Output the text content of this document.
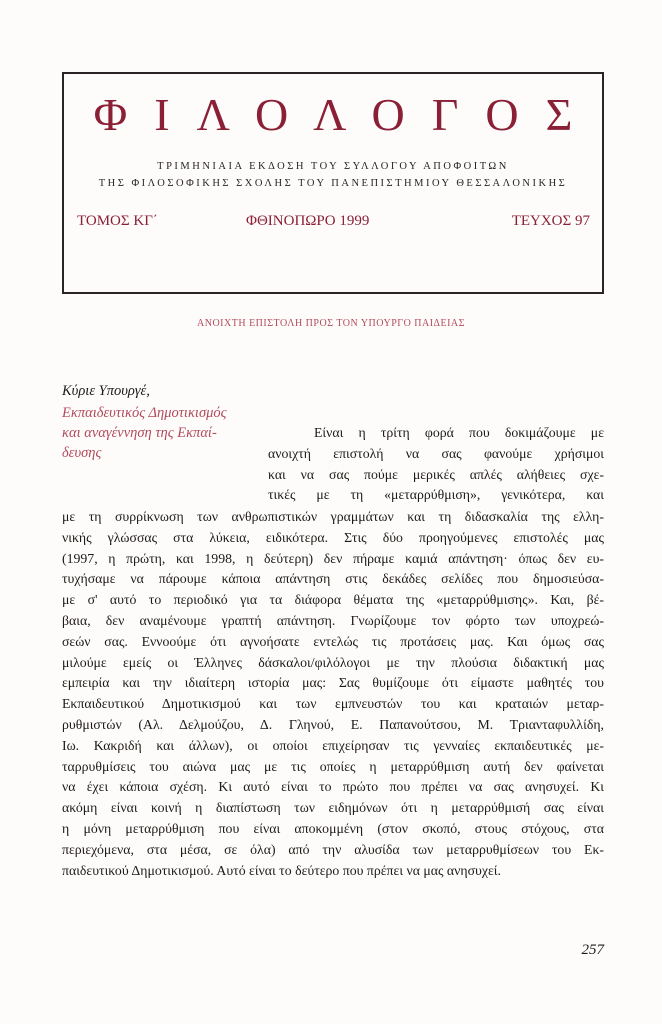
ΦΙΛΟΛΟΓΟΣ
ΤΡΙΜΗΝΙΑΙΑ ΕΚΔΟΣΗ ΤΟΥ ΣΥΛΛΟΓΟΥ ΑΠΟΦΟΙΤΩΝ
ΤΗΣ ΦΙΛΟΣΟΦΙΚΗΣ ΣΧΟΛΗΣ ΤΟΥ ΠΑΝΕΠΙΣΤΗΜΙΟΥ ΘΕΣΣΑΛΟΝΙΚΗΣ
ΤΟΜΟΣ ΚΓ΄	ΦΘΙΝΟΠΩΡΟ 1999	ΤΕΥΧΟΣ 97
ΑΝΟΙΧΤΗ ΕΠΙΣΤΟΛΗ ΠΡΟΣ ΤΟΝ ΥΠΟΥΡΓΟ ΠΑΙΔΕΙΑΣ
Κύριε Υπουργέ,
Εκπαιδευτικός Δημοτικισμός
και αναγέννηση της Εκπαί-
δευσης
Είναι η τρίτη φορά που δοκιμάζουμε με
ανοιχτή επιστολή να σας φανούμε χρήσιμοι
και να σας πούμε μερικές απλές αλήθειες σχε-
τικές με τη «μεταρρύθμιση», γενικότερα, και
με τη συρρίκνωση των ανθρωπιστικών γραμμάτων και τη διδασκαλία της ελλη-
νικής γλώσσας στα λύκεια, ειδικότερα. Στις δύο προηγούμενες επιστολές μας
(1997, η πρώτη, και 1998, η δεύτερη) δεν πήραμε καμιά απάντηση· όπως δεν ευ-
τυχήσαμε να πάρουμε κάποια απάντηση στις δεκάδες σελίδες που δημοσιεύσα-
με σ' αυτό το περιοδικό για τα διάφορα θέματα της «μεταρρύθμισης». Και, βέ-
βαια, δεν αναμένουμε γραπτή απάντηση. Γνωρίζουμε τον φόρτο των υποχρεώ-
σεών σας. Εννοούμε ότι αγνοήσατε εντελώς τις προτάσεις μας. Και όμως σας
μιλούμε εμείς οι Έλληνες δάσκαλοι/φιλόλογοι με την πλούσια διδακτική μας
εμπειρία και την ιδιαίτερη ιστορία μας: Σας θυμίζουμε ότι είμαστε μαθητές του
Εκπαιδευτικού Δημοτικισμού και των εμπνευστών του και κραταιών μεταρ-
ρυθμιστών (Αλ. Δελμούζου, Δ. Γληνού, Ε. Παπανούτσου, Μ. Τριανταφυλλίδη,
Ιω. Κακριδή και άλλων), οι οποίοι επιχείρησαν τις γενναίες εκπαιδευτικές με-
ταρρυθμίσεις του αιώνα μας με τις οποίες η μεταρρύθμιση αυτή δεν φαίνεται
να έχει κάποια σχέση. Κι αυτό είναι το πρώτο που πρέπει να σας ανησυχεί. Κι
ακόμη είναι κοινή η διαπίστωση των ειδημόνων ότι η μεταρρύθμισή σας είναι
η μόνη μεταρρύθμιση που είναι αποκομμένη (στον σκοπό, στους στόχους, στα
περιεχόμενα, στα μέσα, σε όλα) από την αλυσίδα των μεταρρυθμίσεων του Εκ-
παιδευτικού Δημοτικισμού. Αυτό είναι το δεύτερο που πρέπει να μας ανησυχεί.
257
